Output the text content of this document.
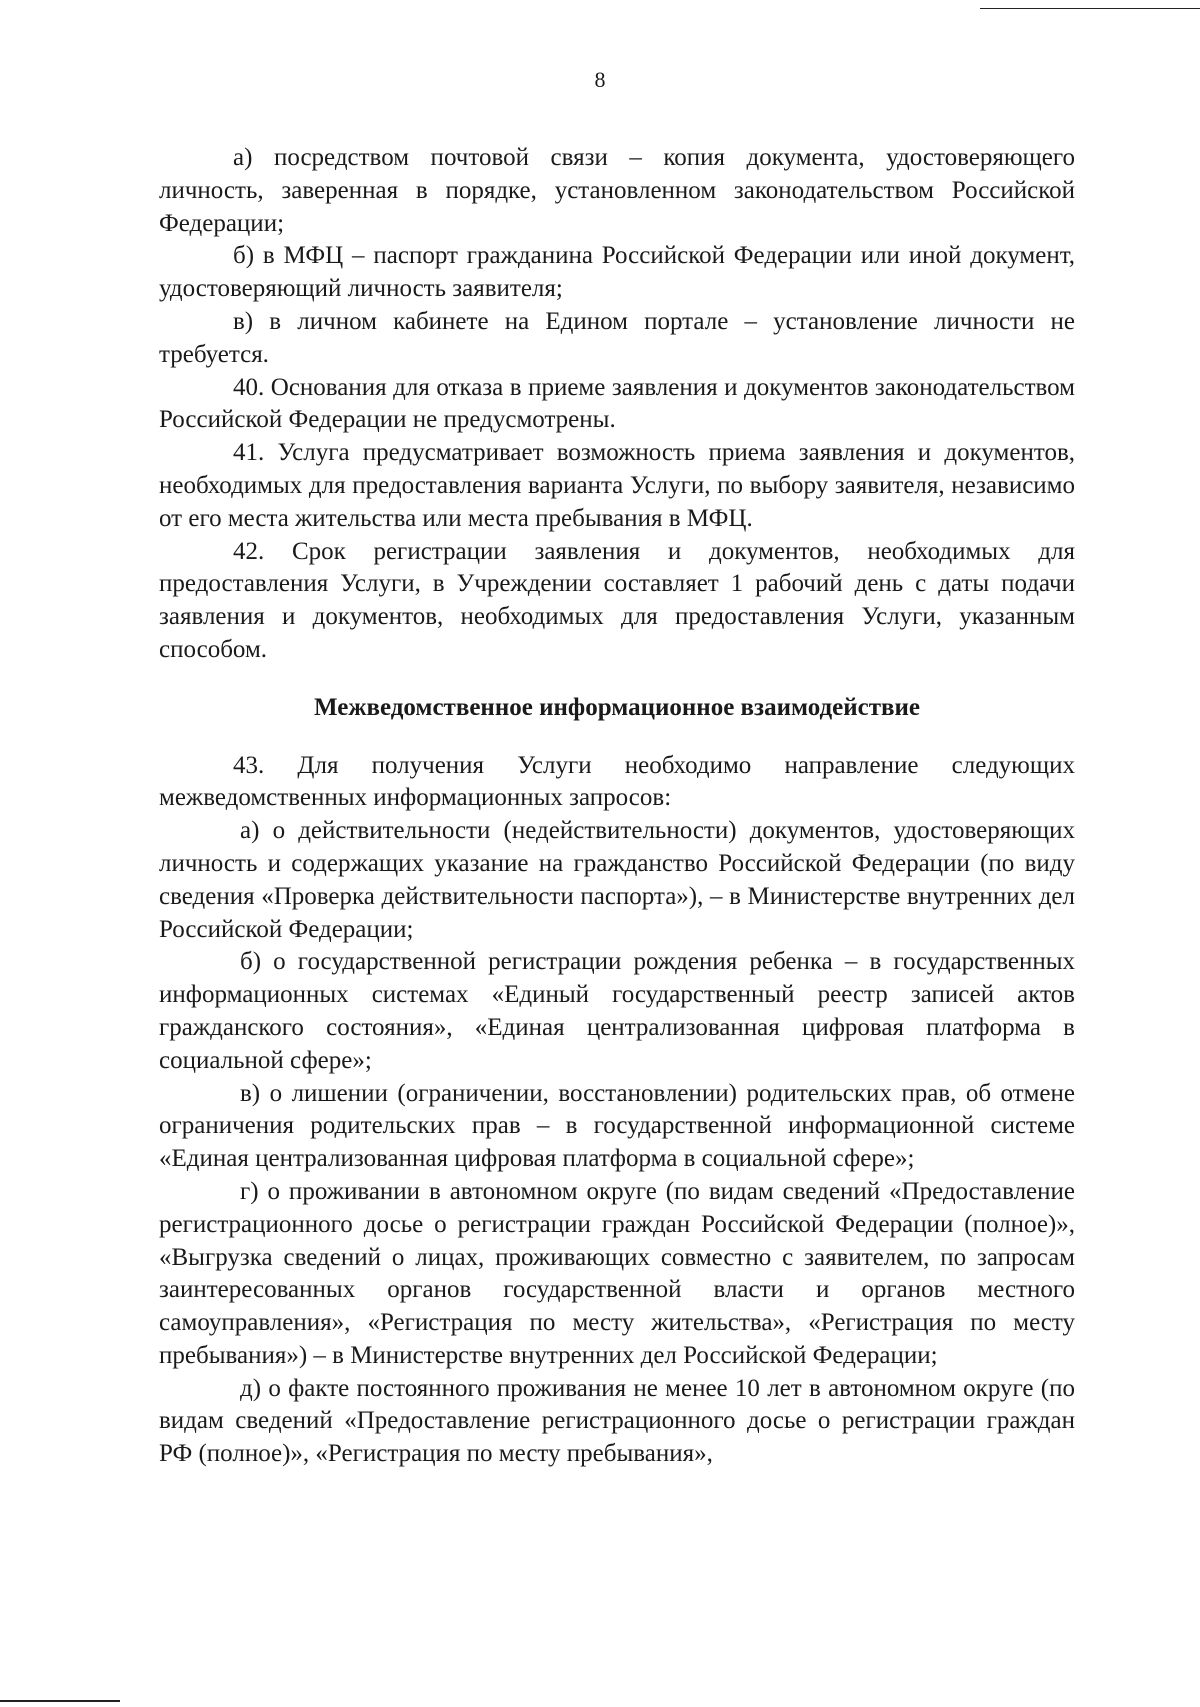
8

а) посредством почтовой связи – копия документа, удостоверяющего личность, заверенная в порядке, установленном законодательством Российской Федерации;

б) в МФЦ – паспорт гражданина Российской Федерации или иной документ, удостоверяющий личность заявителя;

в) в личном кабинете на Едином портале – установление личности не требуется.

40. Основания для отказа в приеме заявления и документов законодательством Российской Федерации не предусмотрены.

41. Услуга предусматривает возможность приема заявления и документов, необходимых для предоставления варианта Услуги, по выбору заявителя, независимо от его места жительства или места пребывания в МФЦ.

42. Срок регистрации заявления и документов, необходимых для предоставления Услуги, в Учреждении составляет 1 рабочий день с даты подачи заявления и документов, необходимых для предоставления Услуги, указанным способом.

Межведомственное информационное взаимодействие

43. Для получения Услуги необходимо направление следующих межведомственных информационных запросов:

а) о действительности (недействительности) документов, удостоверяющих личность и содержащих указание на гражданство Российской Федерации (по виду сведения «Проверка действительности паспорта»), – в Министерстве внутренних дел Российской Федерации;

б) о государственной регистрации рождения ребенка – в государственных информационных системах «Единый государственный реестр записей актов гражданского состояния», «Единая централизованная цифровая платформа в социальной сфере»;

в) о лишении (ограничении, восстановлении) родительских прав, об отмене ограничения родительских прав – в государственной информационной системе «Единая централизованная цифровая платформа в социальной сфере»;

г) о проживании в автономном округе (по видам сведений «Предоставление регистрационного досье о регистрации граждан Российской Федерации (полное)», «Выгрузка сведений о лицах, проживающих совместно с заявителем, по запросам заинтересованных органов государственной власти и органов местного самоуправления», «Регистрация по месту жительства», «Регистрация по месту пребывания») – в Министерстве внутренних дел Российской Федерации;

д) о факте постоянного проживания не менее 10 лет в автономном округе (по видам сведений «Предоставление регистрационного досье о регистрации граждан РФ (полное)», «Регистрация по месту пребывания»,
